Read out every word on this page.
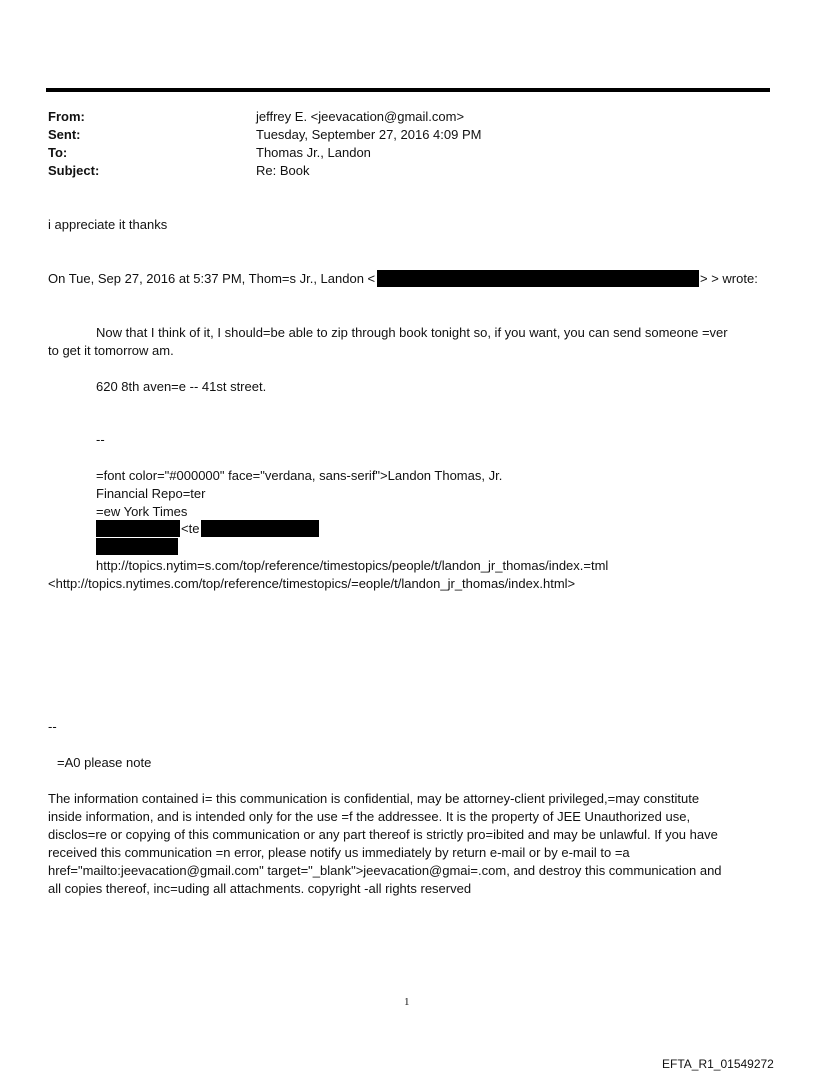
From:	jeffrey E. <jeevacation@gmail.com>
Sent:	Tuesday, September 27, 2016 4:09 PM
To:	Thomas Jr., Landon
Subject:	Re: Book
i appreciate it thanks
On Tue, Sep 27, 2016 at 5:37 PM, Thom=s Jr., Landon <	> > wrote:
Now that I think of it, I should=be able to zip through book tonight so, if you want, you can send someone =ver
to get it tomorrow am.
620 8th aven=e -- 41st street.
--
=font color="#000000" face="verdana, sans-serif">Landon Thomas, Jr.
Financial Repo=ter
=ew York Times
<te
http://topics.nytim=s.com/top/reference/timestopics/people/t/landon_jr_thomas/index.=tml
<http://topics.nytimes.com/top/reference/timestopics/=eople/t/landon_jr_thomas/index.html>
--
=A0 please note
The information contained i= this communication is confidential, may be attorney-client privileged,=may constitute
inside information, and is intended only for the use =f the addressee. It is the property of JEE Unauthorized use,
disclos=re or copying of this communication or any part thereof is strictly pro=ibited and may be unlawful. If you have
received this communication =n error, please notify us immediately by return e-mail or by e-mail to =a
href="mailto:jeevacation@gmail.com" target="_blank">jeevacation@gmai=.com, and destroy this communication and
all copies thereof, inc=uding all attachments. copyright -all rights reserved
1
EFTA_R1_01549272
